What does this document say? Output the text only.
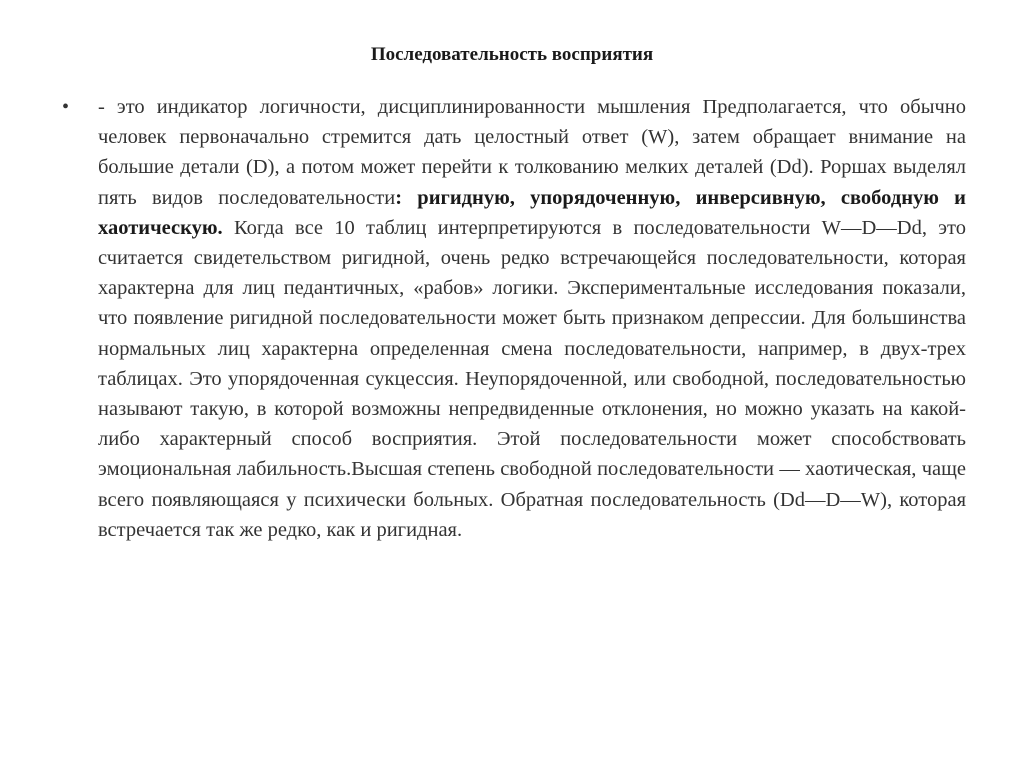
Последовательность восприятия
• - это индикатор логичности, дисциплинированности мышления Предполагается, что обычно человек первоначально стремится дать целостный ответ (W), затем обращает внимание на большие детали (D), а потом может перейти к толкованию мелких деталей (Dd). Роршах выделял пять видов последовательности: ригидную, упорядоченную, инверсивную, свободную и хаотическую. Когда все 10 таблиц интерпретируются в последовательности W—D—Dd, это считается свидетельством ригидной, очень редко встречающейся последовательности, которая характерна для лиц педантичных, «рабов» логики. Экспериментальные исследования показали, что появление ригидной последовательности может быть признаком депрессии. Для большинства нормальных лиц характерна определенная смена последовательности, например, в двух-трех таблицах. Это упорядоченная сукцессия. Неупорядоченной, или свободной, последовательностью называют такую, в которой возможны непредвиденные отклонения, но можно указать на какой-либо характерный способ восприятия. Этой последовательности может способствовать эмоциональная лабильность.Высшая степень свободной последовательности — хаотическая, чаще всего появляющаяся у психически больных. Обратная последовательность (Dd—D—W), которая встречается так же редко, как и ригидная.
